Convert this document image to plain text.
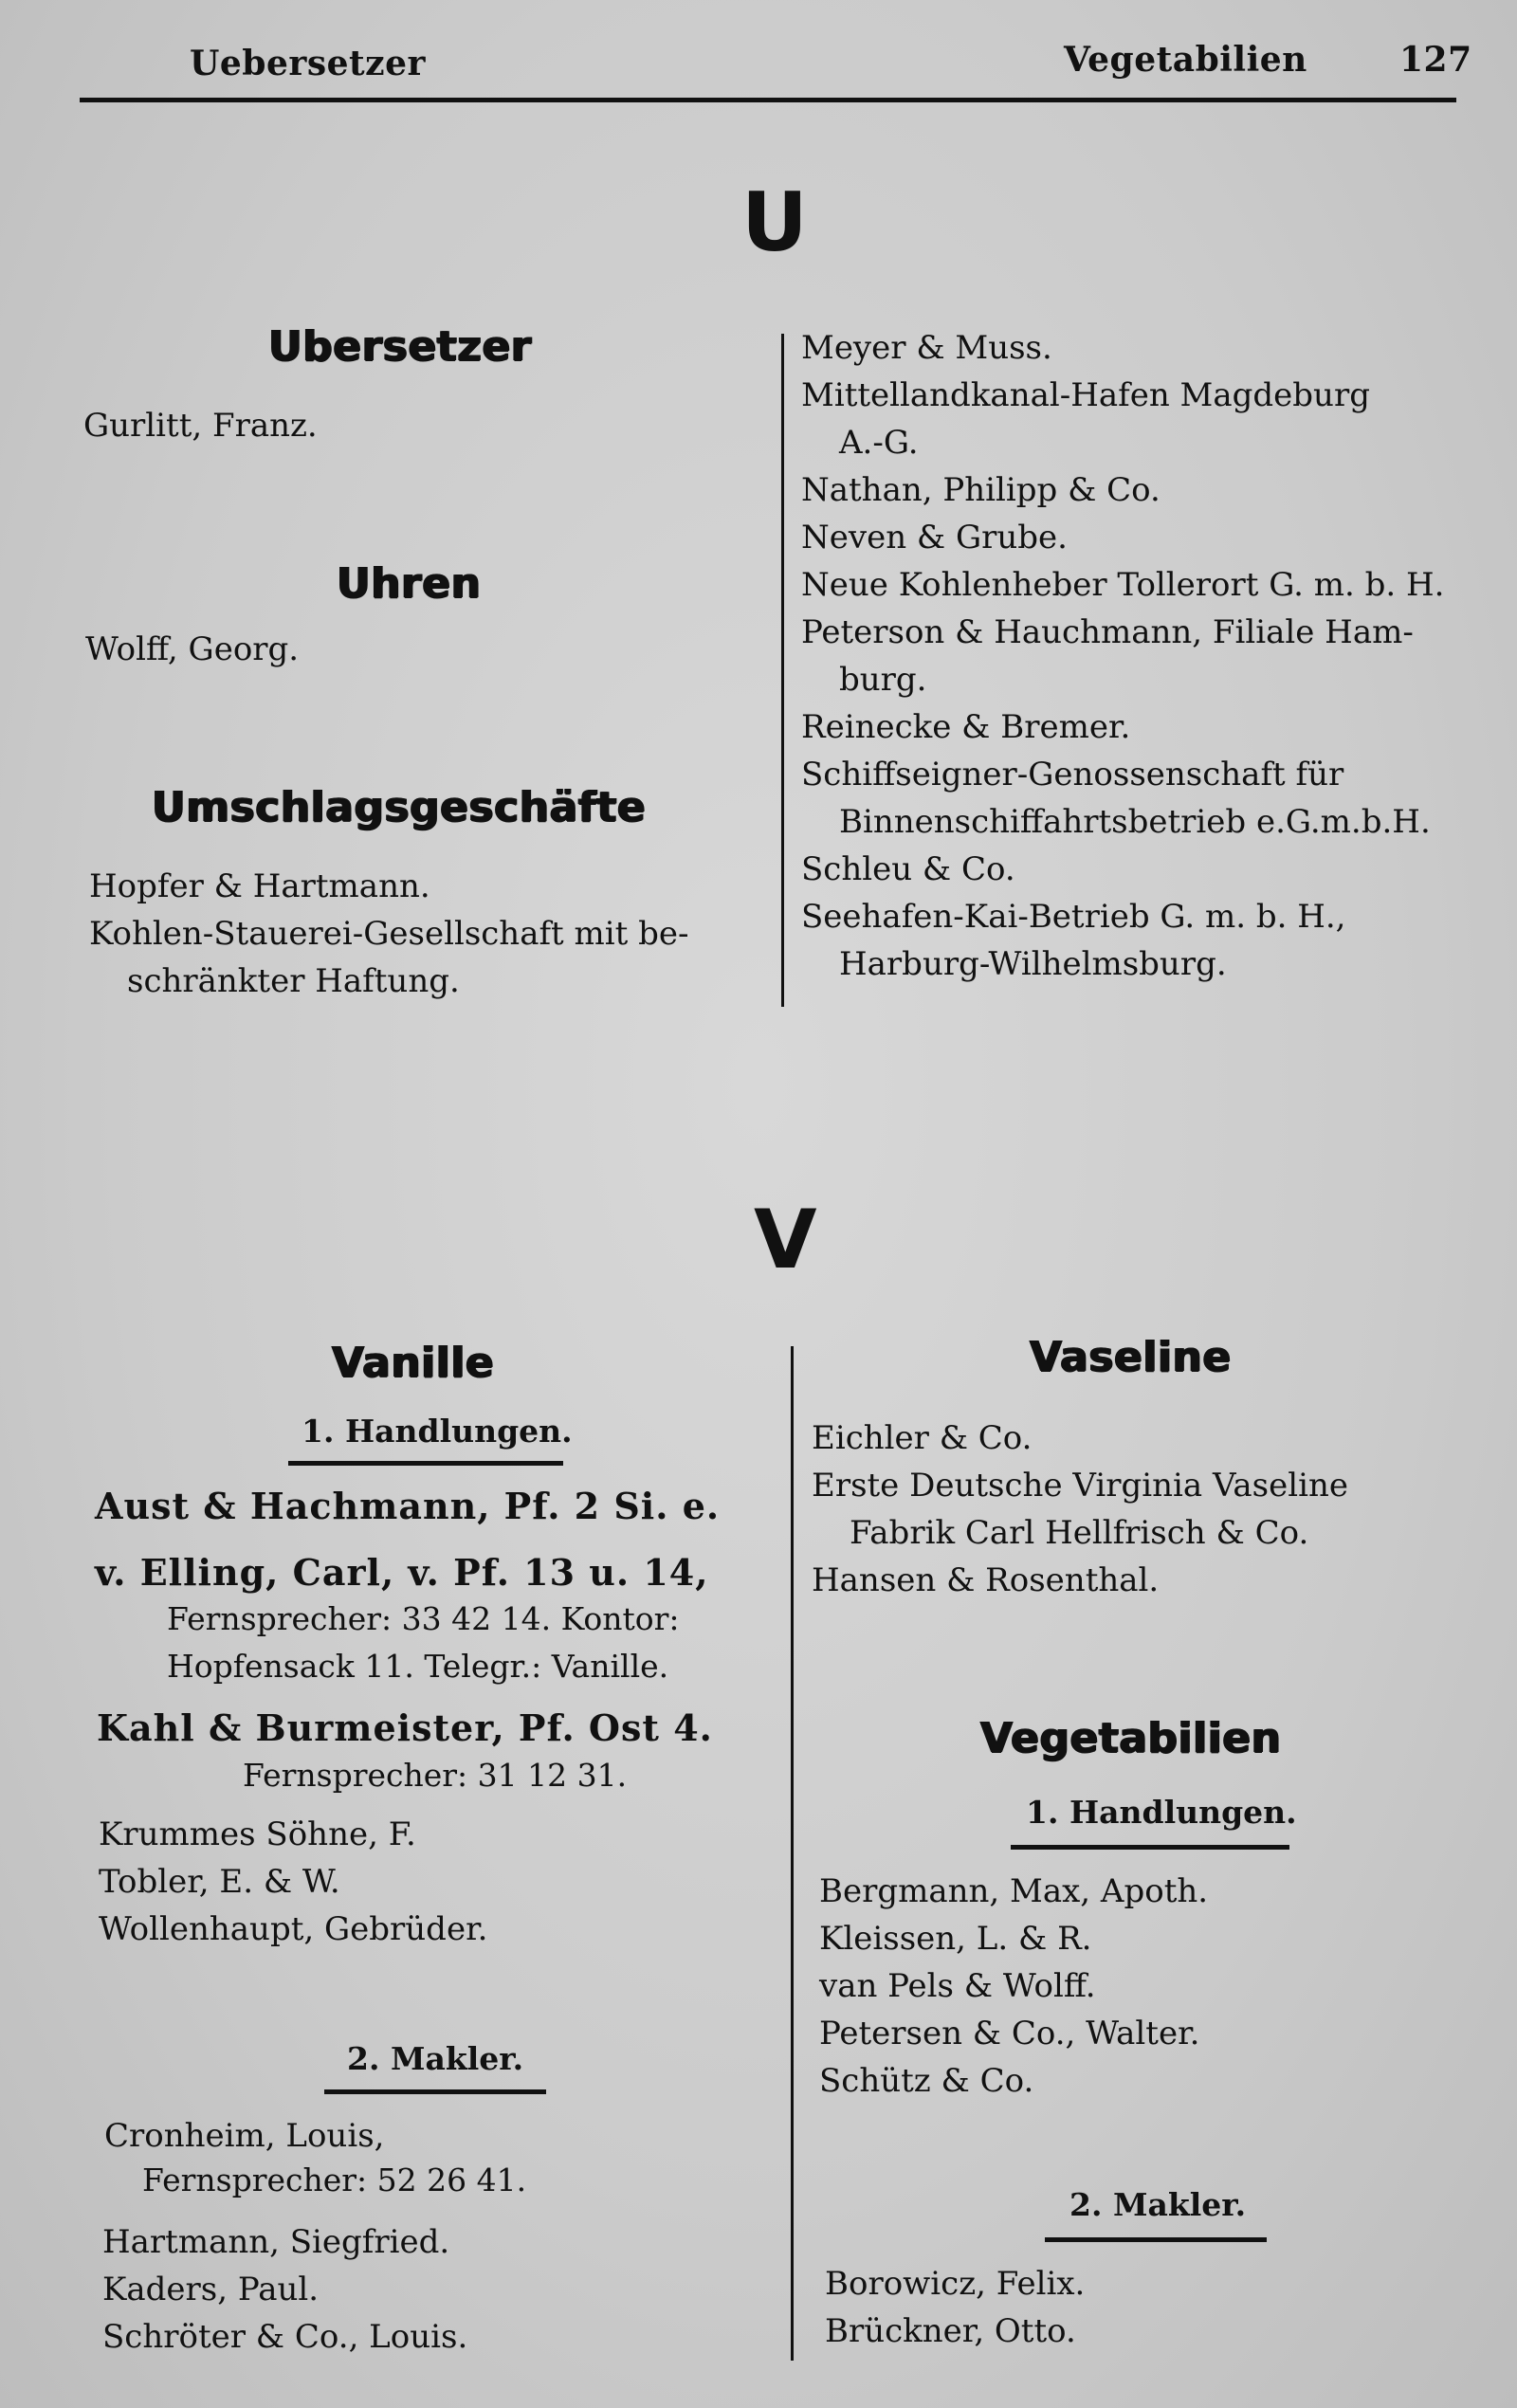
Uebersetzer	Vegetabilien	127
U
Ubersetzer
Gurlitt, Franz.
Uhren
Wolff, Georg.
Umschlagsgeschäfte
Hopfer & Hartmann.
Kohlen-Stauerei-Gesellschaft mit be-
schränkter Haftung.
Meyer & Muss.
Mittellandkanal-Hafen Magdeburg
A.-G.
Nathan, Philipp & Co.
Neven & Grube.
Neue Kohlenheber Tollerort G. m. b. H.
Peterson & Hauchmann, Filiale Ham-
burg.
Reinecke & Bremer.
Schiffseigner-Genossenschaft für
Binnenschiffahrtsbetrieb e.G.m.b.H.
Schleu & Co.
Seehafen-Kai-Betrieb G. m. b. H.,
Harburg-Wilhelmsburg.
V
Vanille
1. Handlungen.
Aust & Hachmann, Pf. 2 Si. e.
v. Elling, Carl, v. Pf. 13 u. 14,
Fernsprecher: 33 42 14. Kontor:
Hopfensack 11. Telegr.: Vanille.
Kahl & Burmeister, Pf. Ost 4.
Fernsprecher: 31 12 31.
Krummes Söhne, F.
Tobler, E. & W.
Wollenhaupt, Gebrüder.
2. Makler.
Cronheim, Louis,
Fernsprecher: 52 26 41.
Hartmann, Siegfried.
Kaders, Paul.
Schröter & Co., Louis.
Vaseline
Eichler & Co.
Erste Deutsche Virginia Vaseline
Fabrik Carl Hellfrisch & Co.
Hansen & Rosenthal.
Vegetabilien
1. Handlungen.
Bergmann, Max, Apoth.
Kleissen, L. & R.
van Pels & Wolff.
Petersen & Co., Walter.
Schütz & Co.
2. Makler.
Borowicz, Felix.
Brückner, Otto.
